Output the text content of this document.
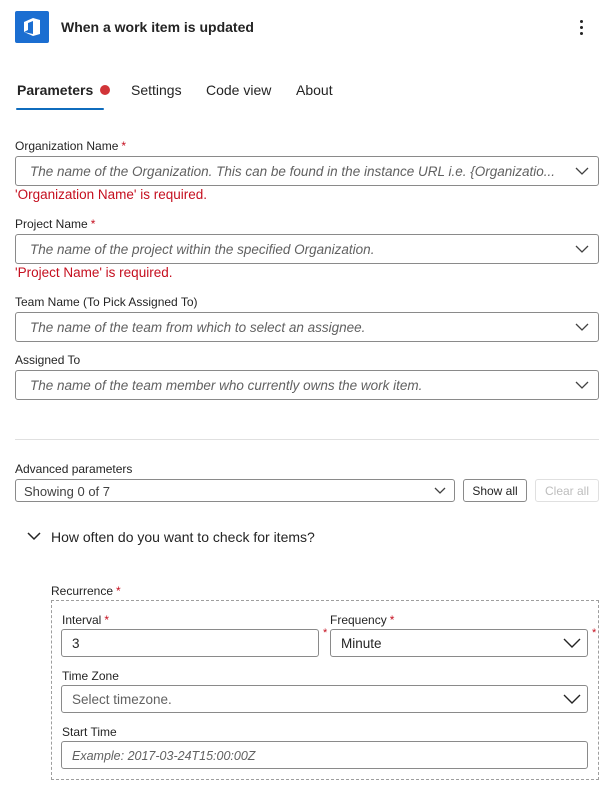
When a work item is updated
Parameters	Settings Code view About
Organization Name *
The name of the Organization. This can be found in the instance URL i.e. {Organizatio...
'Organization Name' is required.
Project Name *
The name of the project within the specified Organization.
'Project Name' is required.
Team Name (To Pick Assigned To)
The name of the team from which to select an assignee.
Assigned To
The name of the team member who currently owns the work item.
Advanced parameters
Showing 0 of 7	Show all	Clear all
How often do you want to check for items?
Recurrence *
Interval *
3
*
Frequency *
Minute
*
Time Zone
Select timezone.
Start Time
Example: 2017-03-24T15:00:00Z
